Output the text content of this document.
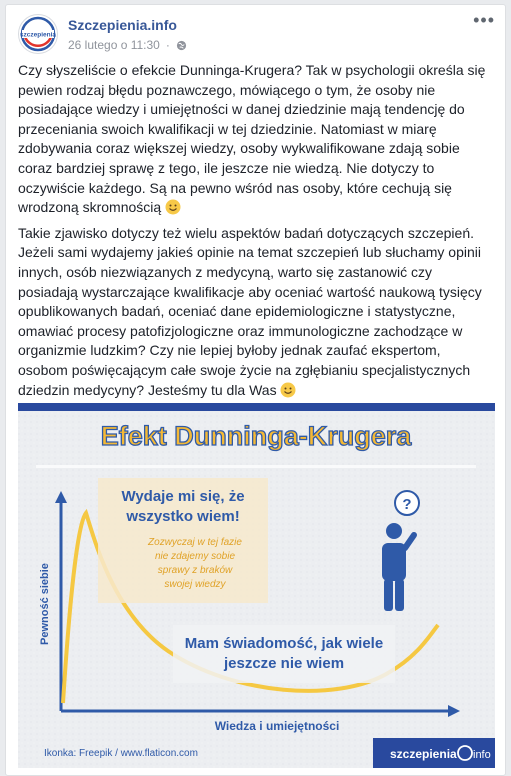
szczepienia
Szczepienia.info
26 lutego o 11:30 ·
•••

Czy słyszeliście o efekcie Dunninga-Krugera? Tak w psychologii określa się pewien rodzaj błędu poznawczego, mówiącego o tym, że osoby nie posiadające wiedzy i umiejętności w danej dziedzinie mają tendencję do przeceniania swoich kwalifikacji w tej dziedzinie. Natomiast w miarę zdobywania coraz większej wiedzy, osoby wykwalifikowane zdają sobie coraz bardziej sprawę z tego, ile jeszcze nie wiedzą. Nie dotyczy to oczywiście każdego. Są na pewno wśród nas osoby, które cechują się wrodzoną skromnością

Takie zjawisko dotyczy też wielu aspektów badań dotyczących szczepień. Jeżeli sami wydajemy jakieś opinie na temat szczepień lub słuchamy opinii innych, osób niezwiązanych z medycyną, warto się zastanowić czy posiadają wystarczające kwalifikacje aby oceniać wartość naukową tysięcy opublikowanych badań, oceniać dane epidemiologiczne i statystyczne, omawiać procesy patofizjologiczne oraz immunologiczne zachodzące w organizmie ludzkim? Czy nie lepiej byłoby jednak zaufać ekspertom, osobom poświęcającym całe swoje życie na zgłębianiu specjalistycznych dziedzin medycyny? Jesteśmy tu dla Was

Efekt Dunninga-Krugera
Wydaje mi się, że
wszystko wiem!
Zozwyczaj w tej fazie
nie zdajemy sobie
sprawy z braków
swojej wiedzy
?
Mam świadomość, jak wiele
jeszcze nie wiem
Pewność siebie
Wiedza i umiejętności
Ikonka: Freepik / www.flaticon.com	szczepienia info
